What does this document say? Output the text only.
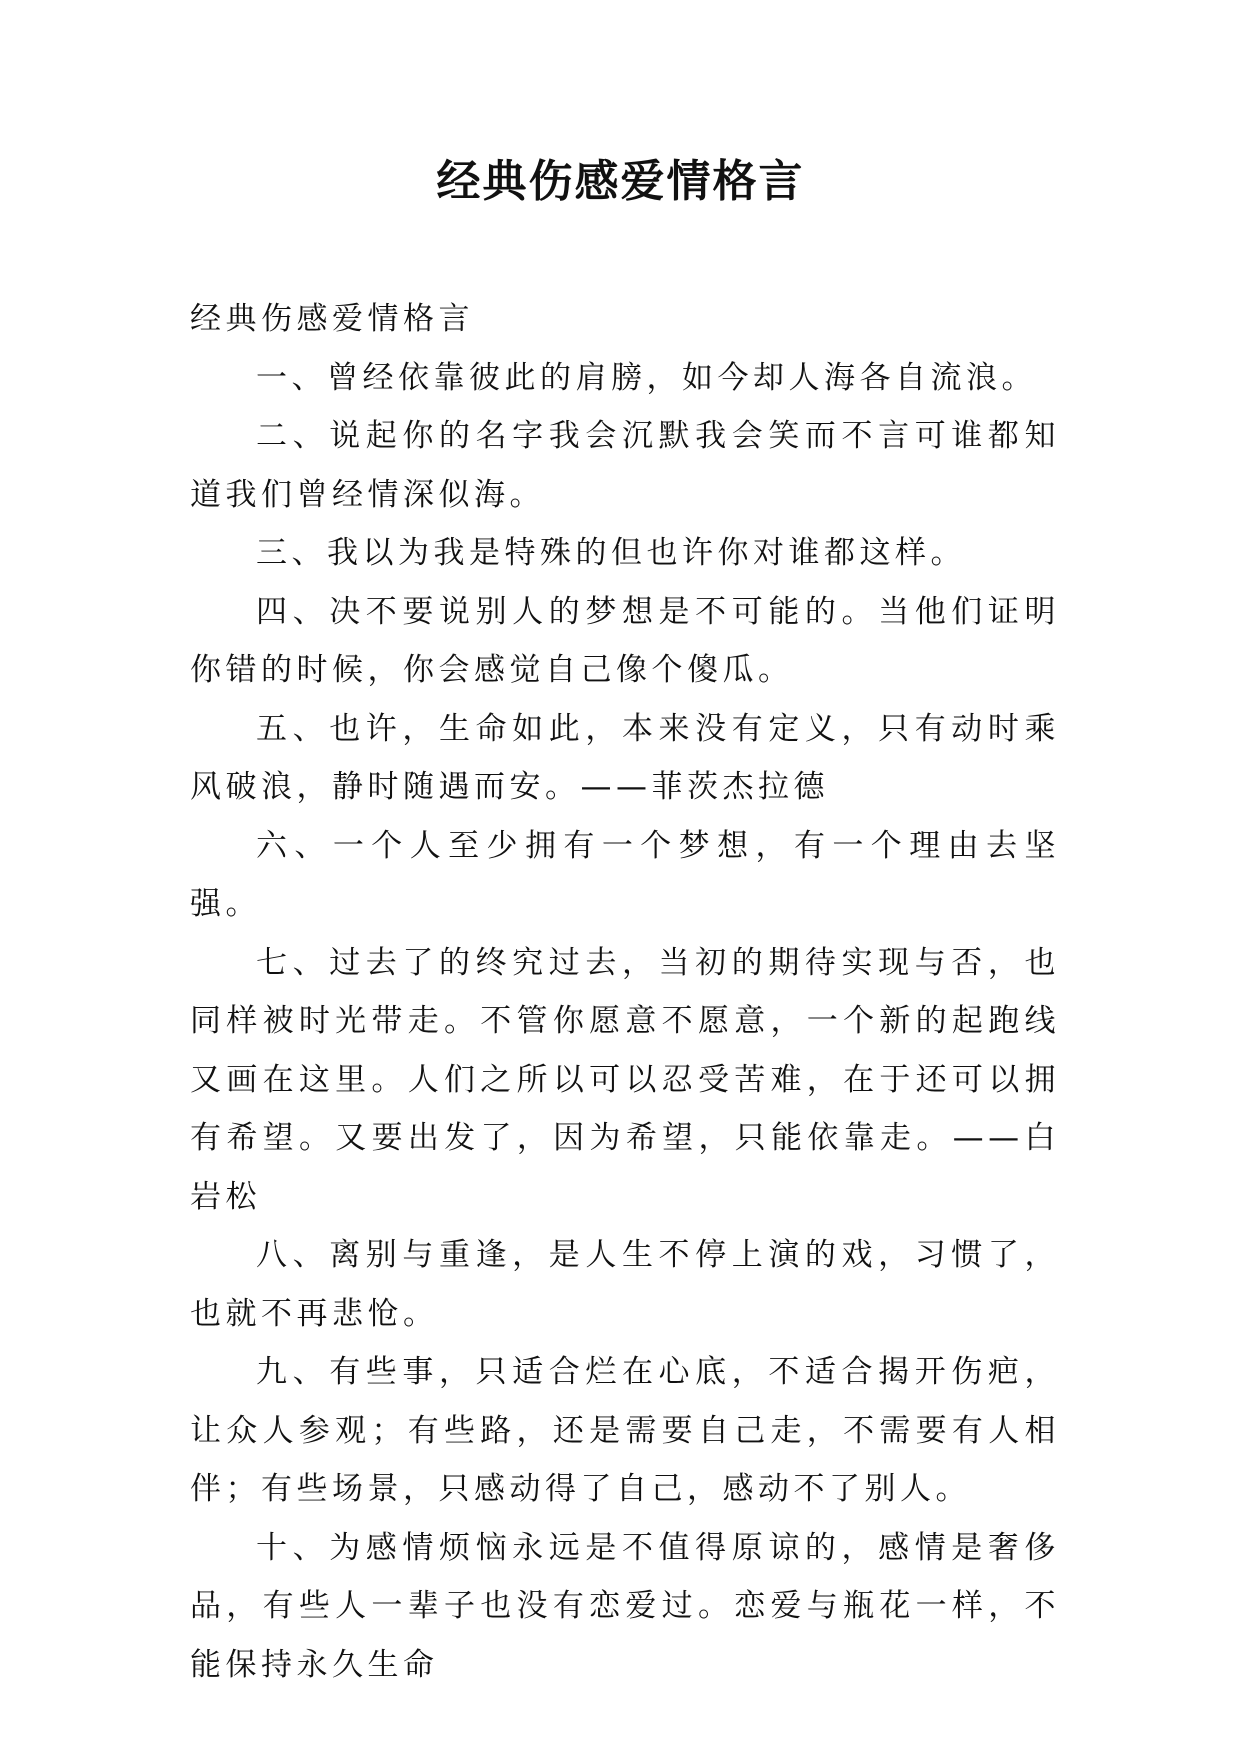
经典伤感爱情格言

经典伤感爱情格言

一、曾经依靠彼此的肩膀，如今却人海各自流浪。

二、说起你的名字我会沉默我会笑而不言可谁都知道我们曾经情深似海。

三、我以为我是特殊的但也许你对谁都这样。

四、决不要说别人的梦想是不可能的。当他们证明你错的时候，你会感觉自己像个傻瓜。

五、也许，生命如此，本来没有定义，只有动时乘风破浪，静时随遇而安。——菲茨杰拉德

六、一个人至少拥有一个梦想，有一个理由去坚强。

七、过去了的终究过去，当初的期待实现与否，也同样被时光带走。不管你愿意不愿意，一个新的起跑线又画在这里。人们之所以可以忍受苦难，在于还可以拥有希望。又要出发了，因为希望，只能依靠走。——白岩松

八、离别与重逢，是人生不停上演的戏，习惯了，也就不再悲怆。

九、有些事，只适合烂在心底，不适合揭开伤疤，让众人参观；有些路，还是需要自己走，不需要有人相伴；有些场景，只感动得了自己，感动不了别人。

十、为感情烦恼永远是不值得原谅的，感情是奢侈品，有些人一辈子也没有恋爱过。恋爱与瓶花一样，不能保持永久生命
